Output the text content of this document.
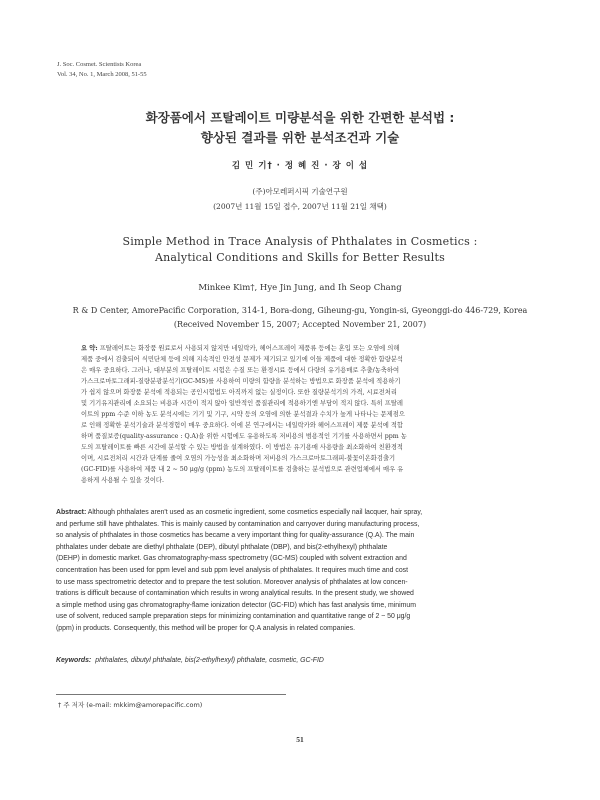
J. Soc. Cosmet. Scientists Korea
Vol. 34, No. 1, March 2008, 51-55
화장품에서 프탈레이트 미량분석을 위한 간편한 분석법 :
향상된 결과를 위한 분석조건과 기술
김 민 기† · 정 혜 진 · 장 이 섭
(주)아모레퍼시픽 기술연구원
(2007년 11월 15일 접수, 2007년 11월 21일 채택)
Simple Method in Trace Analysis of Phthalates in Cosmetics :
Analytical Conditions and Skills for Better Results
Minkee Kim†, Hye Jin Jung, and Ih Seop Chang
R & D Center, AmorePacific Corporation, 314-1, Bora-dong, Giheung-gu, Yongin-si, Gyeonggi-do 446-729, Korea
(Received November 15, 2007; Accepted November 21, 2007)
요 약: 프탈레이트는 화장품 원료로서 사용되지 않지만 네일락카, 헤어스프레이 제품류 등에는 혼입 또는 오염에 의해
제품 중에서 검출되어 식민단체 등에 의해 지속적인 안전성 문제가 제기되고 있기에 이들 제품에 대한 정확한 함량분석
은 매우 중요하다. 그러나, 대부분의 프탈레이트 시험은 수질 또는 환경시료 등에서 다량의 유기용매로 추출/농축하여
가스크로마토그래피-질량분광분석기(GC-MS)를 사용하여 미량의 함량을 분석하는 방법으로 화장품 분석에 적용하기
가 쉽지 않으며 화장품 분석에 적용되는 공인시험법도 아직까지 없는 실정이다. 또한 질량분석기의 가격, 시료전처리
및 기기유지관리에 소요되는 비용과 시간이 적지 않아 일반적인 품질관리에 적용하기엔 부담이 적지 않다. 특히 프탈레
이트의 ppm 수준 이하 농도 분석시에는 기기 및 기구, 시약 등의 오염에 의한 분석결과 수치가 높게 나타나는 문제점으
로 인해 정확한 분석기술과 분석경험이 매우 중요하다. 이에 본 연구에서는 네일락카와 헤어스프레이 제품 분석에 적합
하며 품질보증(quality-assurance : Q.A)을 위한 시험에도 유용하도록 저비용의 범용적인 기기를 사용하면서 ppm 농
도의 프탈레이트를 빠른 시간에 분석할 수 있는 방법을 설계하였다. 이 방법은 유기용매 사용량을 최소화하여 친환경적
이며, 시료전처리 시간과 단계를 줄여 오염의 가능성을 최소화하며 저비용의 가스크로마토그래피-불꽃이온화검출기
(GC-FID)를 사용하여 제품 내 2 ~ 50 μg/g (ppm) 농도의 프탈레이트를 검출하는 분석법으로 관련업체에서 매우 유
용하게 사용될 수 있을 것이다.
Abstract: Although phthalates aren't used as an cosmetic ingredient, some cosmetics especially nail lacquer, hair spray,
and perfume still have phthalates. This is mainly caused by contamination and carryover during manufacturing process,
so analysis of phthalates in those cosmetics has became a very important thing for quality-assurance (Q.A). The main
phthalates under debate are diethyl phthalate (DEP), dibutyl phthalate (DBP), and bis(2-ethylhexyl) phthalate
(DEHP) in domestic market. Gas chromatography-mass spectrometry (GC-MS) coupled with solvent extraction and
concentration has been used for ppm level and sub ppm level analysis of phthalates. It requires much time and cost
to use mass spectrometric detector and to prepare the test solution. Moreover analysis of phthalates at low concen-
trations is difficult because of contamination which results in wrong analytical results. In the present study, we showed
a simple method using gas chromatography-flame ionization detector (GC-FID) which has fast analysis time, minimum
use of solvent, reduced sample preparation steps for minimizing contamination and quantitative range of 2 ~ 50 μg/g
(ppm) in products. Consequently, this method will be proper for Q.A analysis in related companies.
Keywords: phthalates, dibutyl phthalate, bis(2-ethylhexyl) phthalate, cosmetic, GC-FID
† 주 저자 (e-mail: mkkim@amorepacific.com)
51
